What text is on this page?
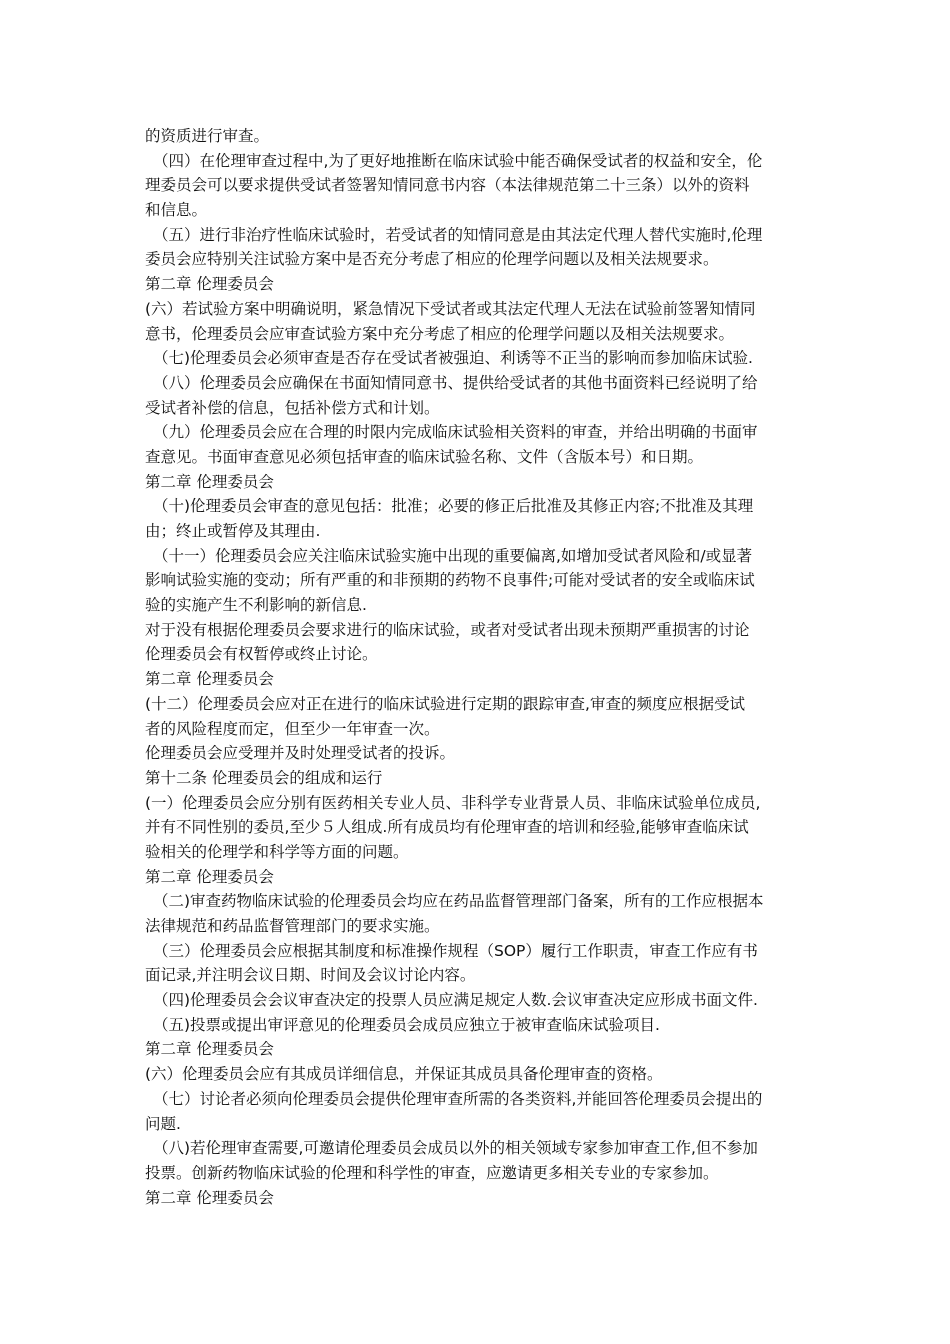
的资质进行审查。
（四）在伦理审查过程中,为了更好地推断在临床试验中能否确保受试者的权益和安全，伦
理委员会可以要求提供受试者签署知情同意书内容（本法律规范第二十三条）以外的资料
和信息。
（五）进行非治疗性临床试验时，若受试者的知情同意是由其法定代理人替代实施时,伦理
委员会应特别关注试验方案中是否充分考虑了相应的伦理学问题以及相关法规要求。
第二章 伦理委员会
(六）若试验方案中明确说明，紧急情况下受试者或其法定代理人无法在试验前签署知情同
意书，伦理委员会应审查试验方案中充分考虑了相应的伦理学问题以及相关法规要求。
（七)伦理委员会必须审查是否存在受试者被强迫、利诱等不正当的影响而参加临床试验.
（八）伦理委员会应确保在书面知情同意书、提供给受试者的其他书面资料已经说明了给
受试者补偿的信息，包括补偿方式和计划。
（九）伦理委员会应在合理的时限内完成临床试验相关资料的审查，并给出明确的书面审
查意见。书面审查意见必须包括审查的临床试验名称、文件（含版本号）和日期。
第二章 伦理委员会
（十)伦理委员会审查的意见包括：批准；必要的修正后批准及其修正内容;不批准及其理
由；终止或暂停及其理由.
（十一）伦理委员会应关注临床试验实施中出现的重要偏离,如增加受试者风险和/或显著
影响试验实施的变动；所有严重的和非预期的药物不良事件;可能对受试者的安全或临床试
验的实施产生不利影响的新信息.
对于没有根据伦理委员会要求进行的临床试验，或者对受试者出现未预期严重损害的讨论
伦理委员会有权暂停或终止讨论。
第二章 伦理委员会
(十二）伦理委员会应对正在进行的临床试验进行定期的跟踪审查,审查的频度应根据受试
者的风险程度而定，但至少一年审查一次。
伦理委员会应受理并及时处理受试者的投诉。
第十二条 伦理委员会的组成和运行
(一）伦理委员会应分别有医药相关专业人员、非科学专业背景人员、非临床试验单位成员,
并有不同性别的委员,至少５人组成.所有成员均有伦理审查的培训和经验,能够审查临床试
验相关的伦理学和科学等方面的问题。
第二章 伦理委员会
（二)审查药物临床试验的伦理委员会均应在药品监督管理部门备案，所有的工作应根据本
法律规范和药品监督管理部门的要求实施。
（三）伦理委员会应根据其制度和标准操作规程（SOP）履行工作职责，审查工作应有书
面记录,并注明会议日期、时间及会议讨论内容。
（四)伦理委员会会议审查决定的投票人员应满足规定人数.会议审查决定应形成书面文件.
（五)投票或提出审评意见的伦理委员会成员应独立于被审查临床试验项目.
第二章 伦理委员会
(六）伦理委员会应有其成员详细信息，并保证其成员具备伦理审查的资格。
（七）讨论者必须向伦理委员会提供伦理审查所需的各类资料,并能回答伦理委员会提出的
问题.
（八)若伦理审查需要,可邀请伦理委员会成员以外的相关领域专家参加审查工作,但不参加
投票。创新药物临床试验的伦理和科学性的审查，应邀请更多相关专业的专家参加。
第二章 伦理委员会
